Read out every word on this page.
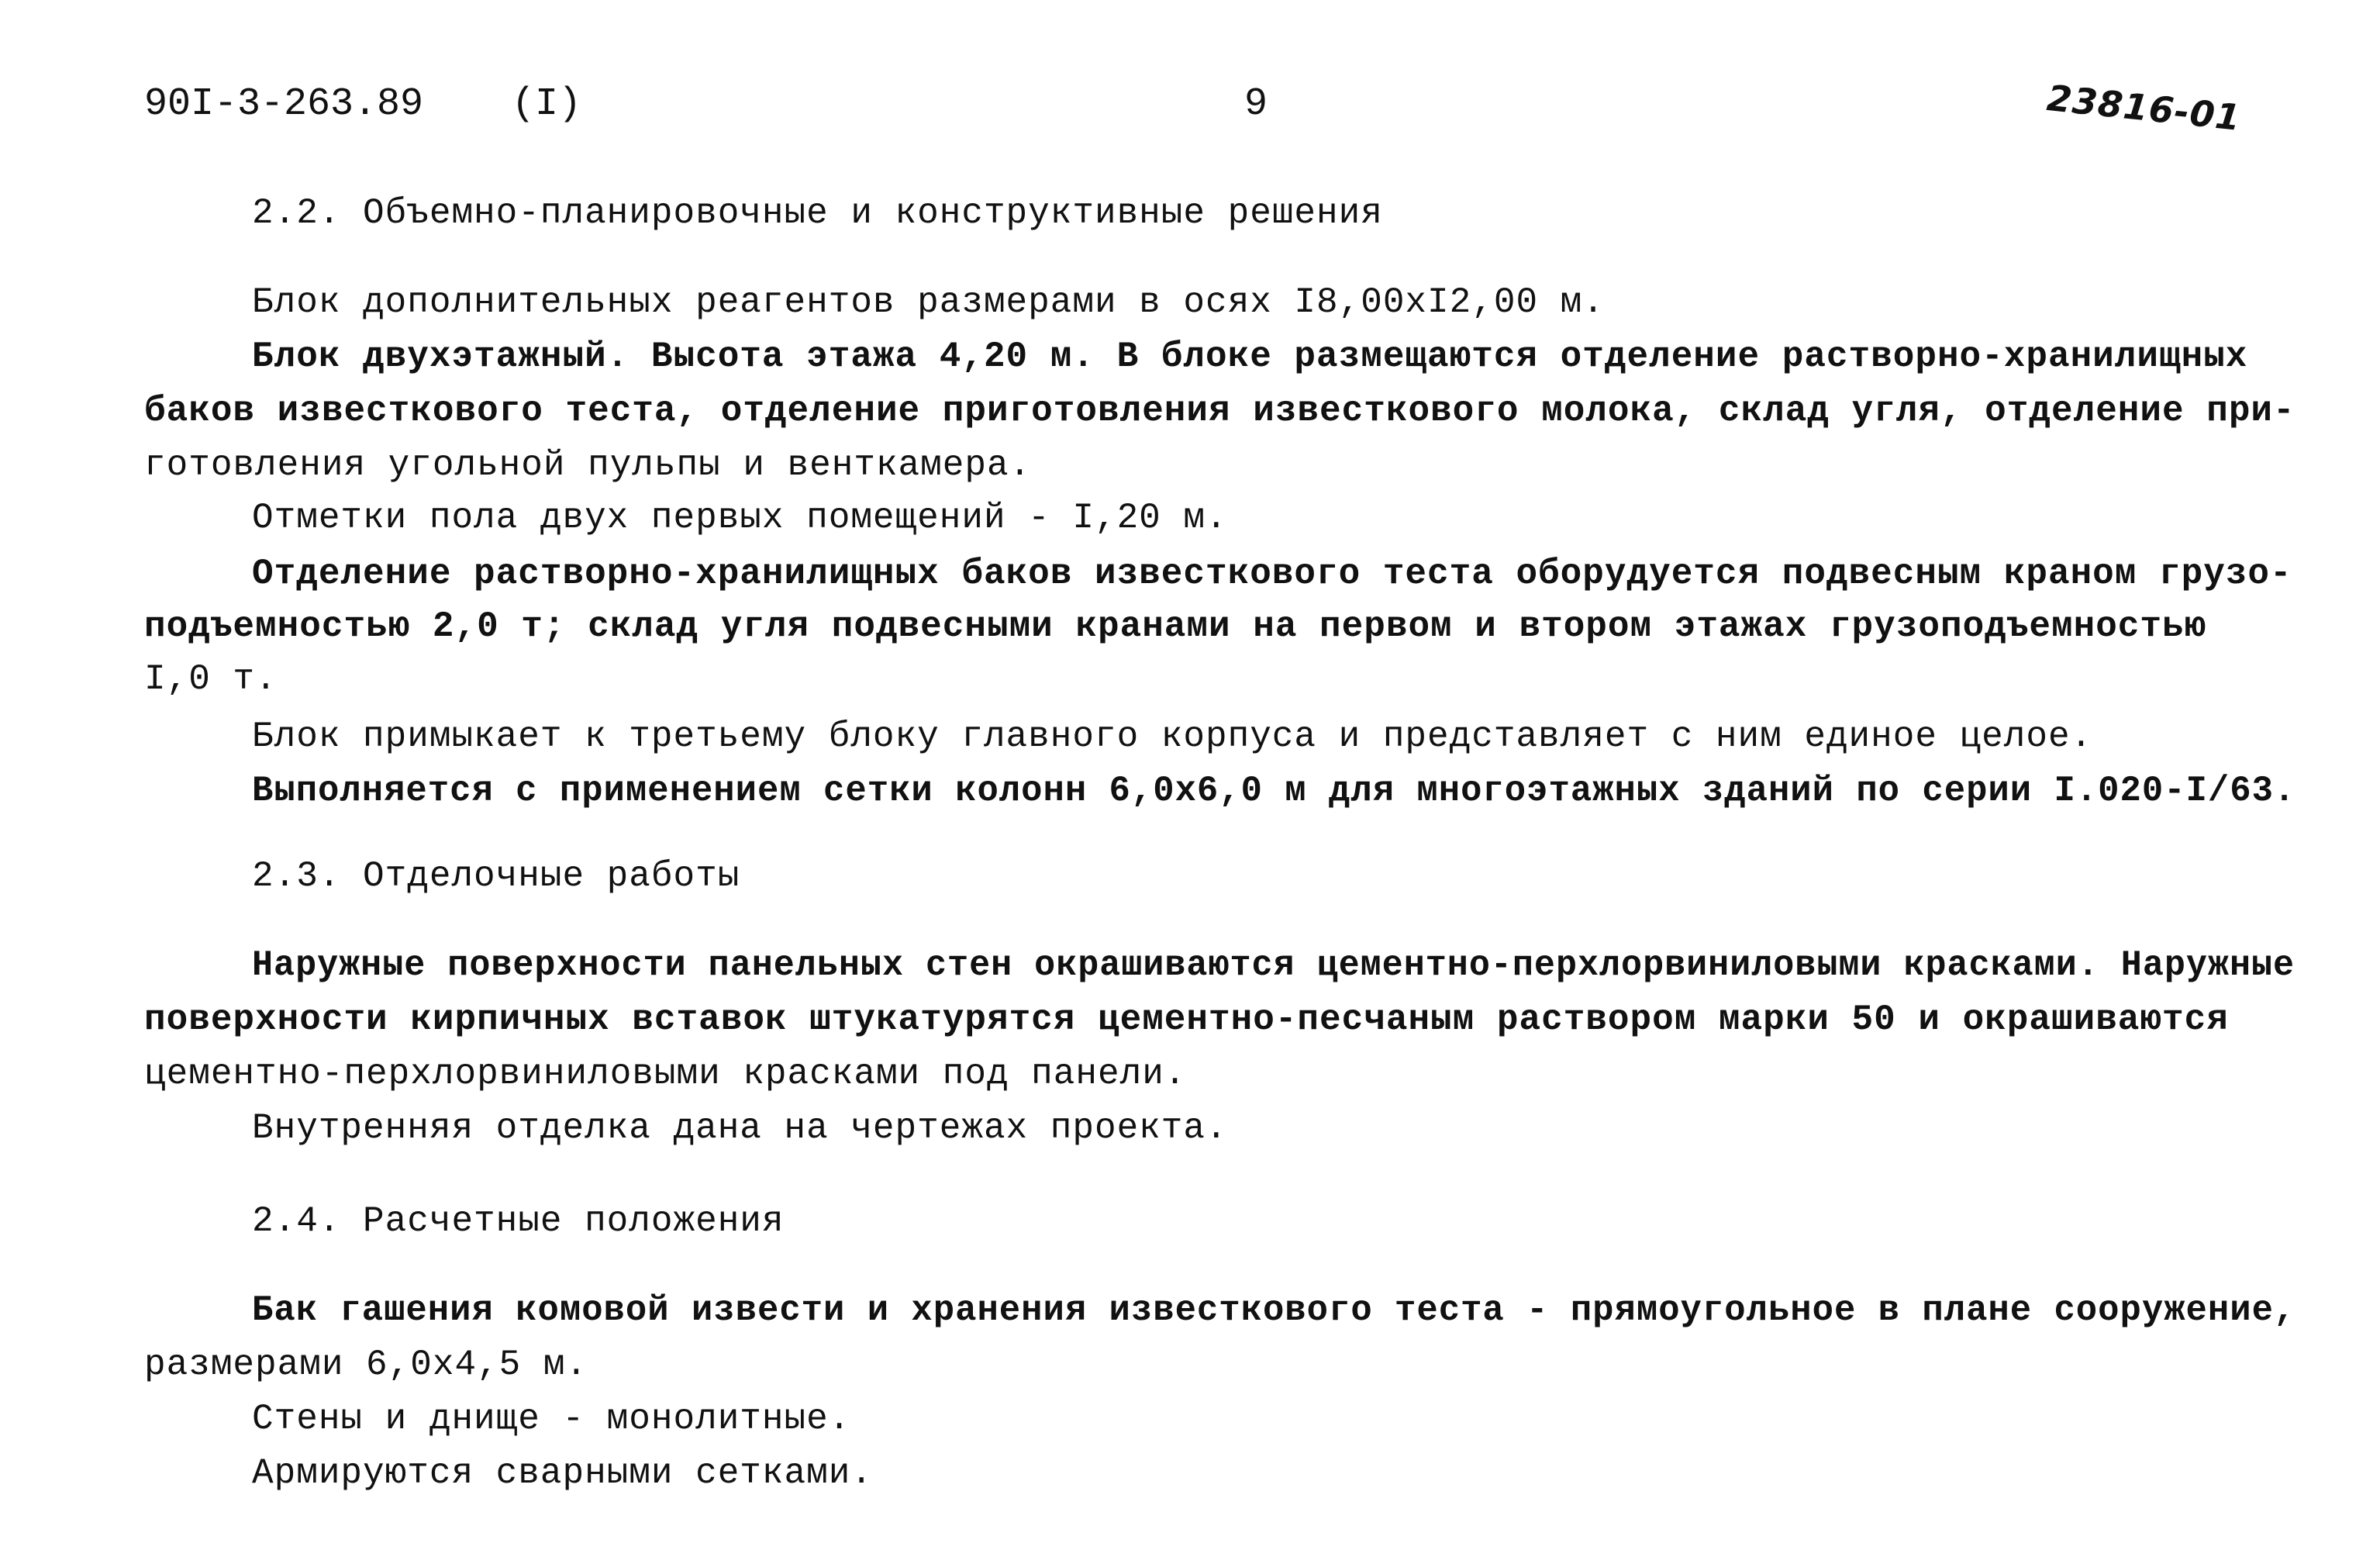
90I-3-263.89 (I)	9	23816-01
2.2. Объемно-планировочные и конструктивные решения
Блок дополнительных реагентов размерами в осях I8,00xI2,00 м.
Блок двухэтажный. Высота этажа 4,20 м. В блоке размещаются отделение растворно-хранилищных
баков известкового теста, отделение приготовления известкового молока, склад угля, отделение при-
готовления угольной пульпы и венткамера.
Отметки пола двух первых помещений - I,20 м.
Отделение растворно-хранилищных баков известкового теста оборудуется подвесным краном грузо-
подъемностью 2,0 т; склад угля подвесными кранами на первом и втором этажах грузоподъемностью
I,0 т.
Блок примыкает к третьему блоку главного корпуса и представляет с ним единое целое.
Выполняется с применением сетки колонн 6,0x6,0 м для многоэтажных зданий по серии I.020-I/63.
2.3. Отделочные работы
Наружные поверхности панельных стен окрашиваются цементно-перхлорвиниловыми красками. Наружные
поверхности кирпичных вставок штукатурятся цементно-песчаным раствором марки 50 и окрашиваются
цементно-перхлорвиниловыми красками под панели.
Внутренняя отделка дана на чертежах проекта.
2.4. Расчетные положения
Бак гашения комовой извести и хранения известкового теста - прямоугольное в плане сооружение,
размерами 6,0x4,5 м.
Стены и днище - монолитные.
Армируются сварными сетками.
